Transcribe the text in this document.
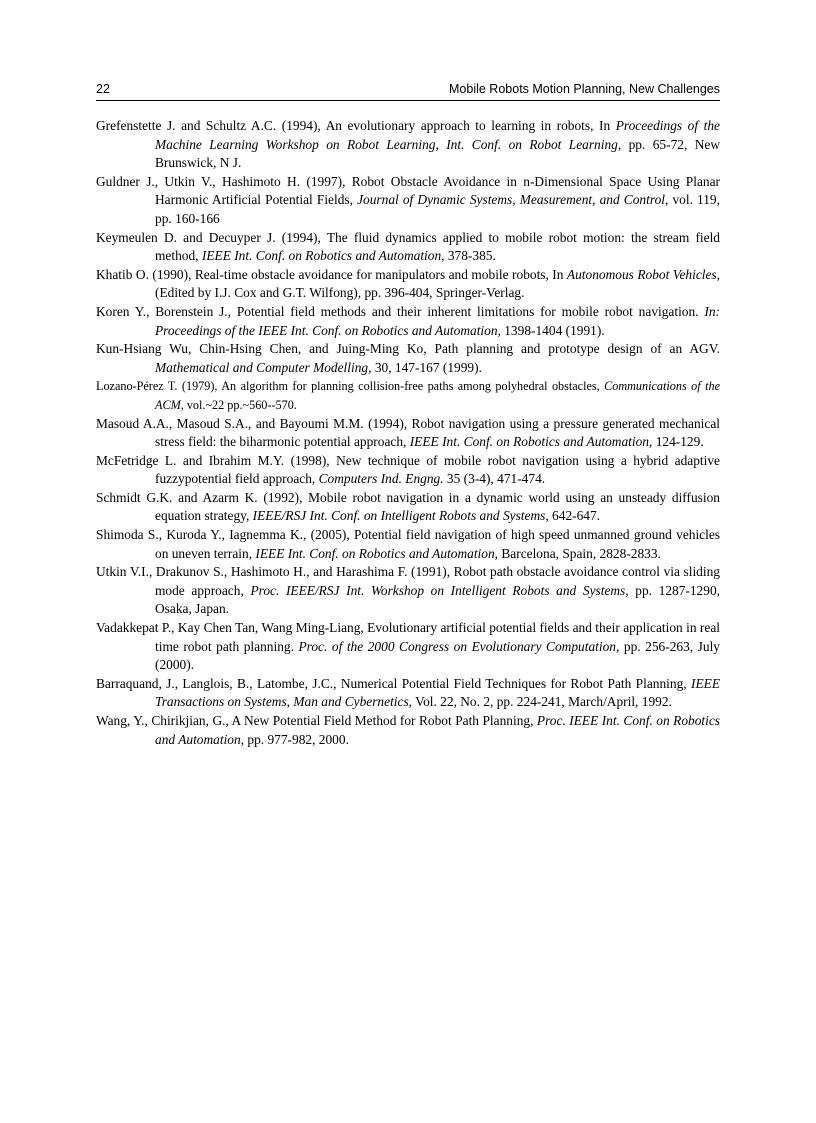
22	Mobile Robots Motion Planning, New Challenges

Grefenstette J. and Schultz A.C. (1994), An evolutionary approach to learning in robots, In Proceedings of the Machine Learning Workshop on Robot Learning, Int. Conf. on Robot Learning, pp. 65-72, New Brunswick, N J.

Guldner J., Utkin V., Hashimoto H. (1997), Robot Obstacle Avoidance in n-Dimensional Space Using Planar Harmonic Artificial Potential Fields, Journal of Dynamic Systems, Measurement, and Control, vol. 119, pp. 160-166

Keymeulen D. and Decuyper J. (1994), The fluid dynamics applied to mobile robot motion: the stream field method, IEEE Int. Conf. on Robotics and Automation, 378-385.

Khatib O. (1990), Real-time obstacle avoidance for manipulators and mobile robots, In Autonomous Robot Vehicles, (Edited by I.J. Cox and G.T. Wilfong), pp. 396-404, Springer-Verlag.

Koren Y., Borenstein J., Potential field methods and their inherent limitations for mobile robot navigation. In: Proceedings of the IEEE Int. Conf. on Robotics and Automation, 1398-1404 (1991).

Kun-Hsiang Wu, Chin-Hsing Chen, and Juing-Ming Ko, Path planning and prototype design of an AGV. Mathematical and Computer Modelling, 30, 147-167 (1999).

Lozano-Pérez T. (1979), An algorithm for planning collision-free paths among polyhedral obstacles, Communications of the ACM, vol.~22 pp.~560--570.

Masoud A.A., Masoud S.A., and Bayoumi M.M. (1994), Robot navigation using a pressure generated mechanical stress field: the biharmonic potential approach, IEEE Int. Conf. on Robotics and Automation, 124-129.

McFetridge L. and Ibrahim M.Y. (1998), New technique of mobile robot navigation using a hybrid adaptive fuzzypotential field approach, Computers Ind. Engng. 35 (3-4), 471-474.

Schmidt G.K. and Azarm K. (1992), Mobile robot navigation in a dynamic world using an unsteady diffusion equation strategy, IEEE/RSJ Int. Conf. on Intelligent Robots and Systems, 642-647.

Shimoda S., Kuroda Y., Iagnemma K., (2005), Potential field navigation of high speed unmanned ground vehicles on uneven terrain, IEEE Int. Conf. on Robotics and Automation, Barcelona, Spain, 2828-2833.

Utkin V.I., Drakunov S., Hashimoto H., and Harashima F. (1991), Robot path obstacle avoidance control via sliding mode approach, Proc. IEEE/RSJ Int. Workshop on Intelligent Robots and Systems, pp. 1287-1290, Osaka, Japan.

Vadakkepat P., Kay Chen Tan, Wang Ming-Liang, Evolutionary artificial potential fields and their application in real time robot path planning. Proc. of the 2000 Congress on Evolutionary Computation, pp. 256-263, July (2000).

Barraquand, J., Langlois, B., Latombe, J.C., Numerical Potential Field Techniques for Robot Path Planning, IEEE Transactions on Systems, Man and Cybernetics, Vol. 22, No. 2, pp. 224-241, March/April, 1992.

Wang, Y., Chirikjian, G., A New Potential Field Method for Robot Path Planning, Proc. IEEE Int. Conf. on Robotics and Automation, pp. 977-982, 2000.
